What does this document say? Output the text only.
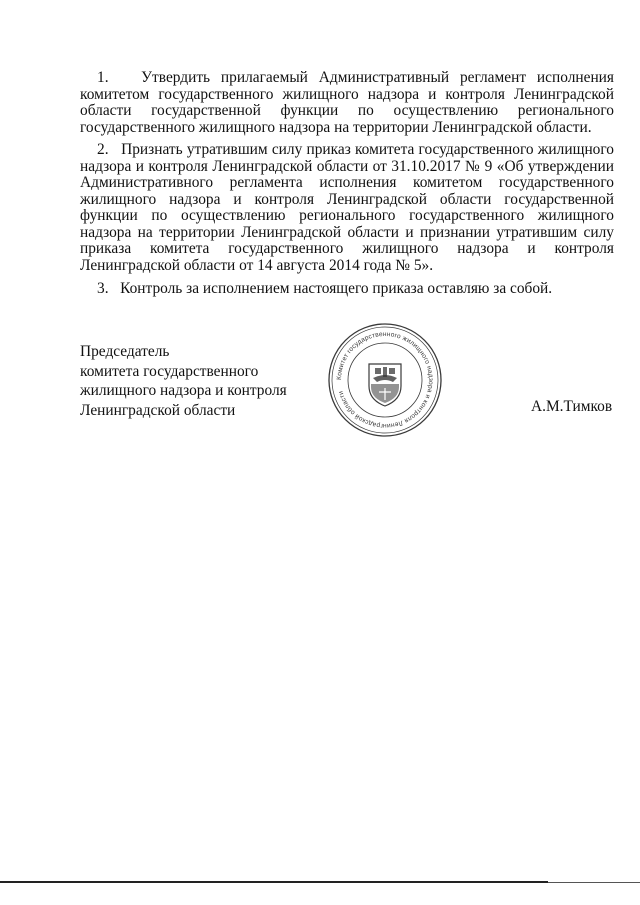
1. Утвердить прилагаемый Административный регламент исполнения комитетом государственного жилищного надзора и контроля Ленинградской области государственной функции по осуществлению регионального государственного жилищного надзора на территории Ленинградской области.

2. Признать утратившим силу приказ комитета государственного жилищного надзора и контроля Ленинградской области от 31.10.2017 № 9 «Об утверждении Административного регламента исполнения комитетом государственного жилищного надзора и контроля Ленинградской области государственной функции по осуществлению регионального государственного жилищного надзора на территории Ленинградской области и признании утратившим силу приказа комитета государственного жилищного надзора и контроля Ленинградской области от 14 августа 2014 года № 5».

3. Контроль за исполнением настоящего приказа оставляю за собой.

Председатель
комитета государственного
жилищного надзора и контроля
Ленинградской области
Комитет государственного жилищного надзора и контроля Ленинградской области
А.М.Тимков
